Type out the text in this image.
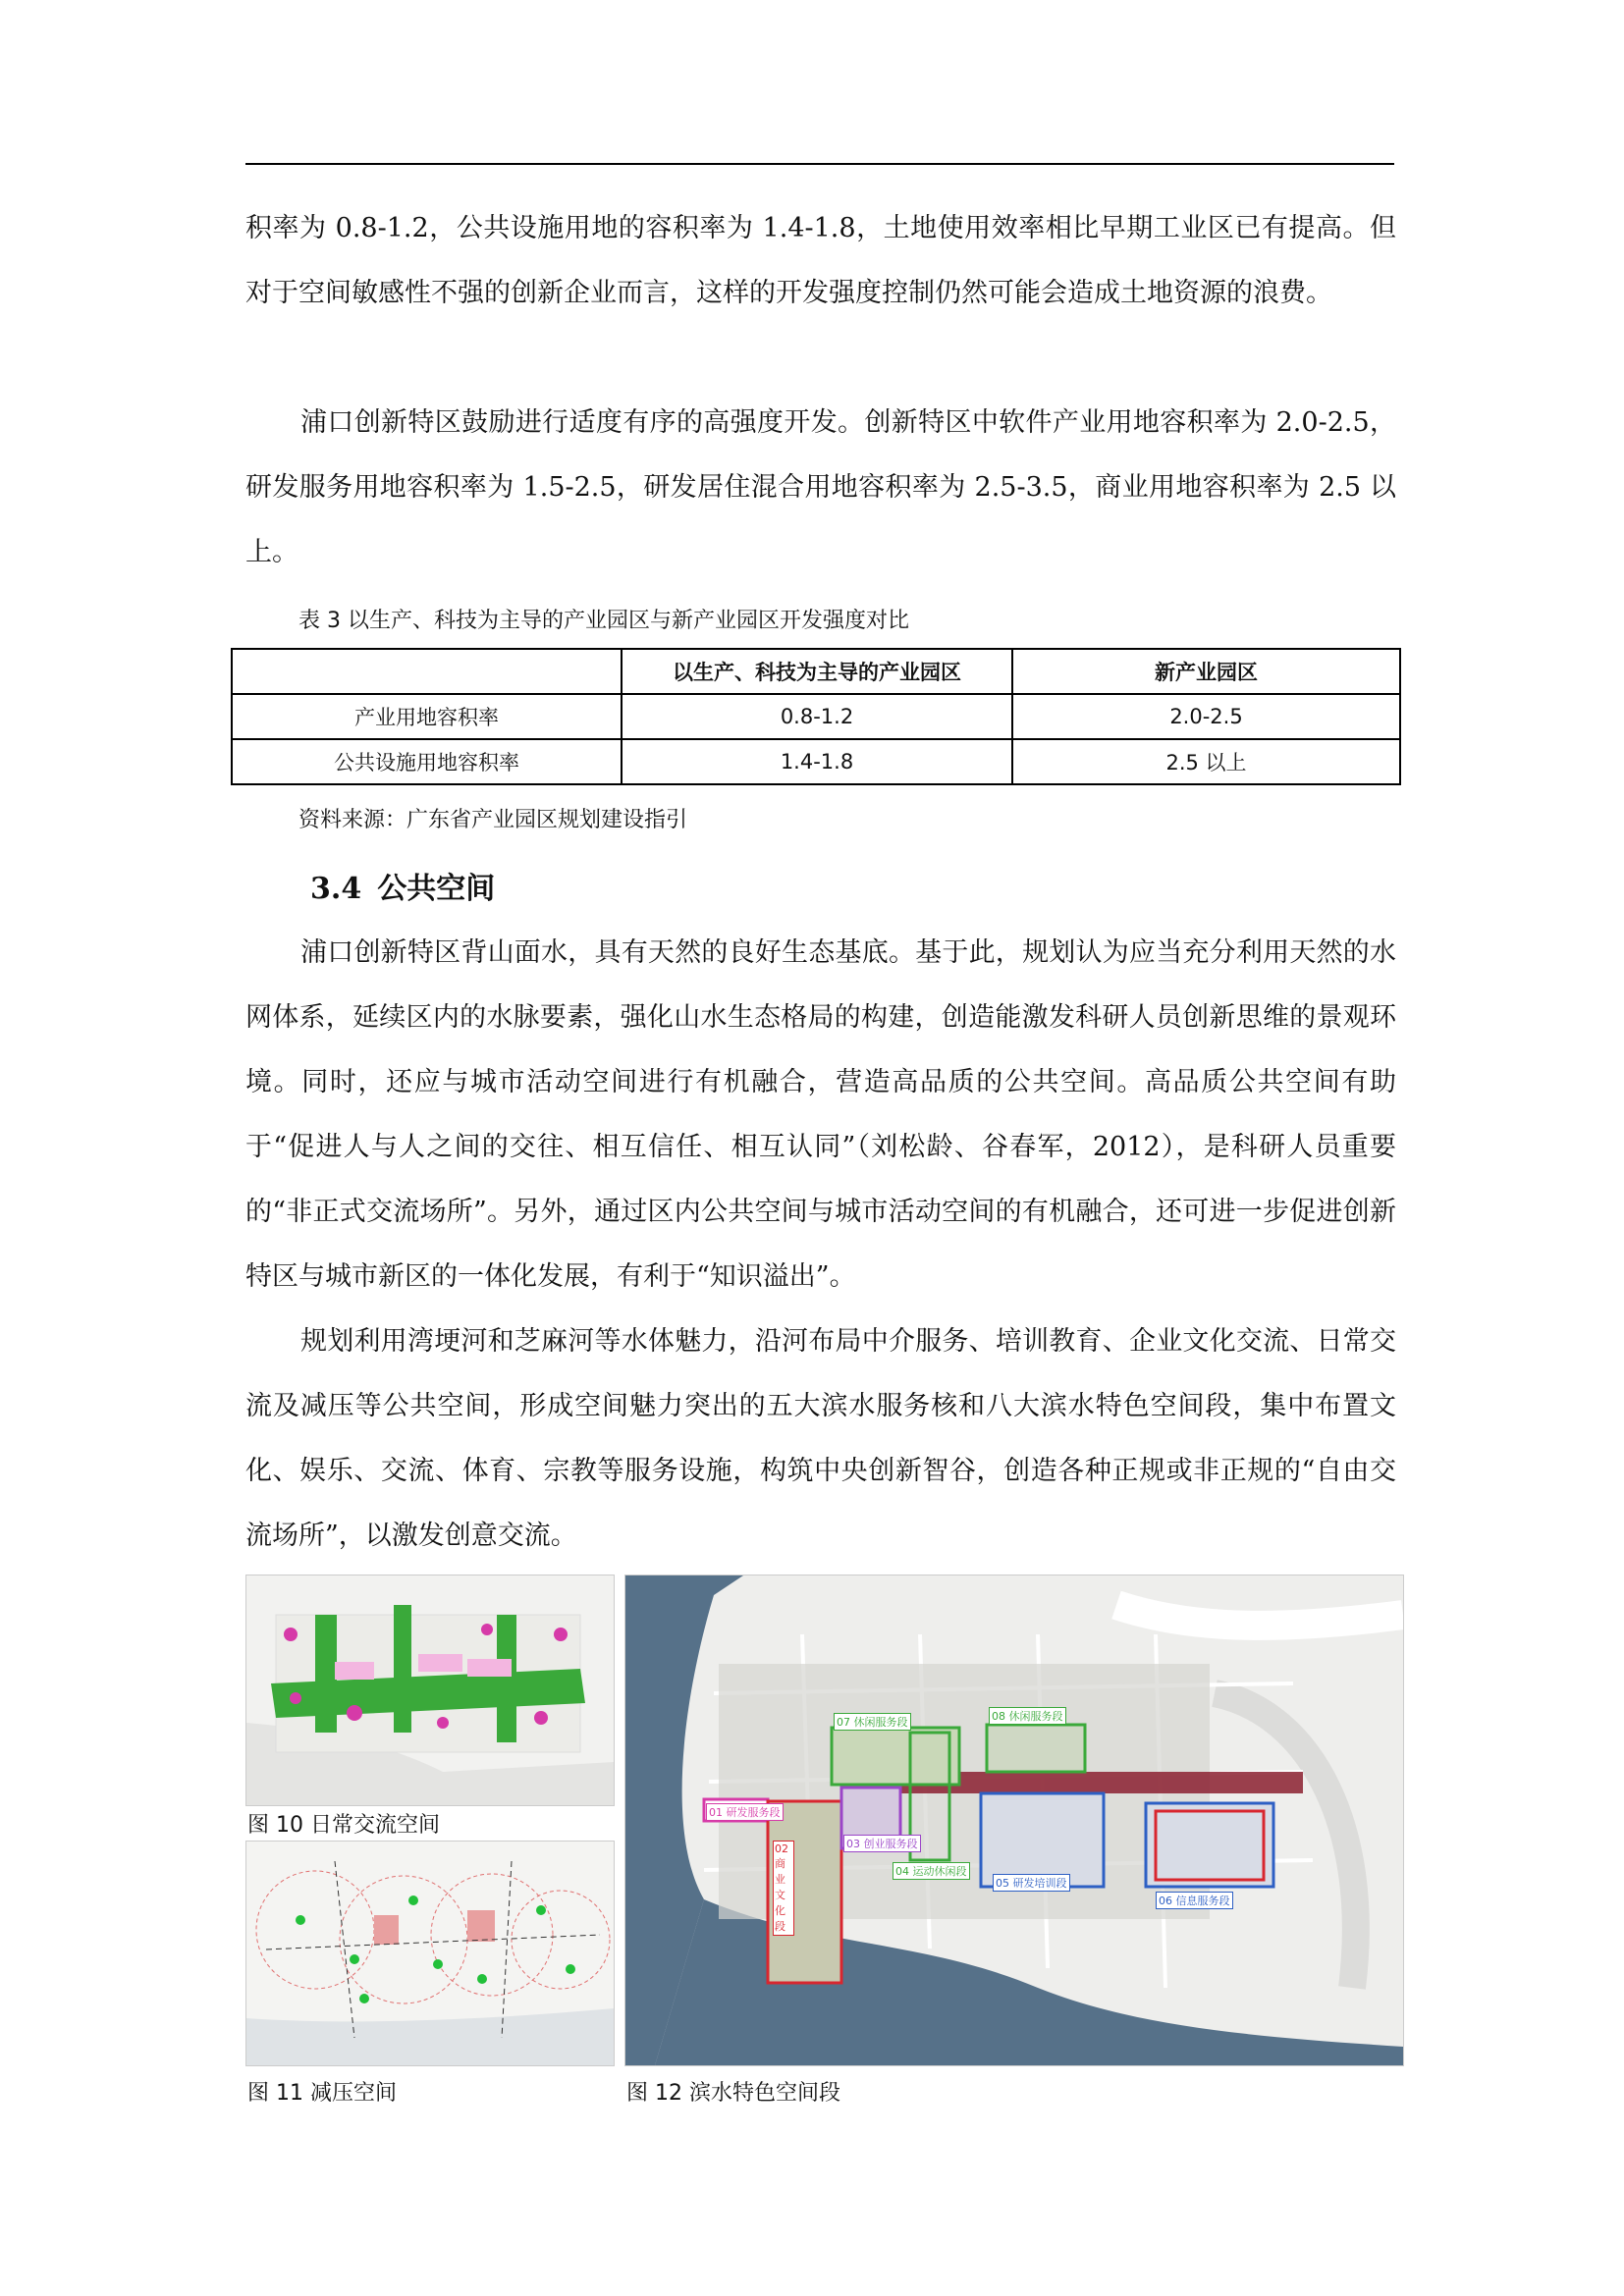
积率为 0.8-1.2，公共设施用地的容积率为 1.4-1.8，土地使用效率相比早期工业区已有提高。但对于空间敏感性不强的创新企业而言，这样的开发强度控制仍然可能会造成土地资源的浪费。

浦口创新特区鼓励进行适度有序的高强度开发。创新特区中软件产业用地容积率为 2.0-2.5，研发服务用地容积率为 1.5-2.5，研发居住混合用地容积率为 2.5-3.5，商业用地容积率为 2.5 以上。

表 3 以生产、科技为主导的产业园区与新产业园区开发强度对比
	以生产、科技为主导的产业园区	新产业园区
产业用地容积率	0.8-1.2	2.0-2.5
公共设施用地容积率	1.4-1.8	2.5 以上
资料来源：广东省产业园区规划建设指引
3.4 公共空间

浦口创新特区背山面水，具有天然的良好生态基底。基于此，规划认为应当充分利用天然的水网体系，延续区内的水脉要素，强化山水生态格局的构建，创造能激发科研人员创新思维的景观环境。同时，还应与城市活动空间进行有机融合，营造高品质的公共空间。高品质公共空间有助于“促进人与人之间的交往、相互信任、相互认同”（刘松龄、谷春军，2012），是科研人员重要的“非正式交流场所”。另外，通过区内公共空间与城市活动空间的有机融合，还可进一步促进创新特区与城市新区的一体化发展，有利于“知识溢出”。

规划利用湾埂河和芝麻河等水体魅力，沿河布局中介服务、培训教育、企业文化交流、日常交流及减压等公共空间，形成空间魅力突出的五大滨水服务核和八大滨水特色空间段，集中布置文化、娱乐、交流、体育、宗教等服务设施，构筑中央创新智谷，创造各种正规或非正规的“自由交流场所”，以激发创意交流。

图 10 日常交流空间
图 11 减压空间
01 研发服务段
02 商业文化段
03 创业服务段
04 运动休闲段
05 研发培训段
06 信息服务段
07 休闲服务段	08 休闲服务段
图 12 滨水特色空间段
